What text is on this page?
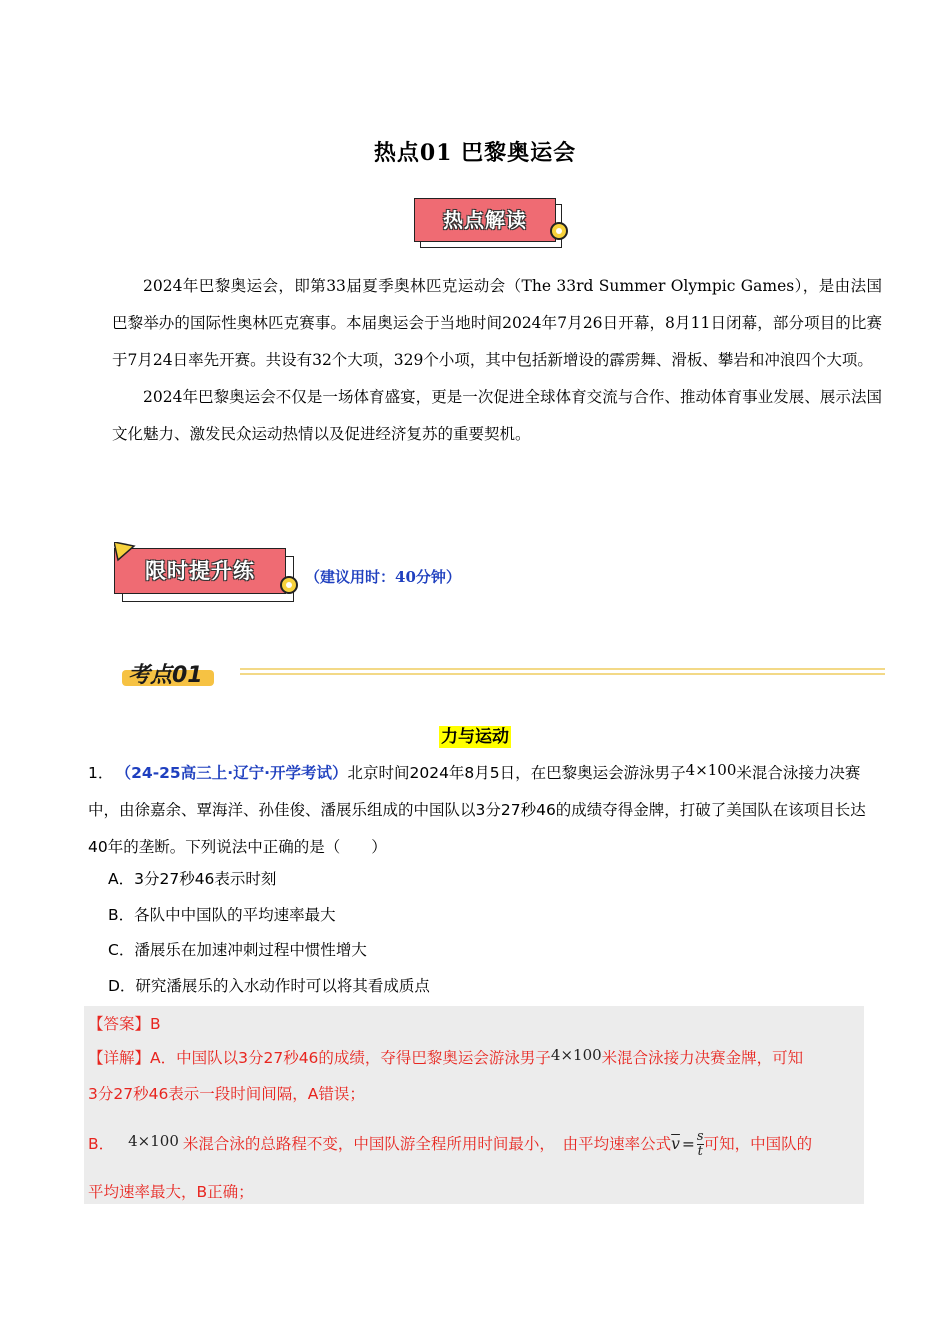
热点01 巴黎奥运会
热点解读

2024年巴黎奥运会，即第33届夏季奥林匹克运动会（The 33rd Summer Olympic Games），是由法国巴黎举办的国际性奥林匹克赛事。本届奥运会于当地时间2024年7月26日开幕，8月11日闭幕，部分项目的比赛于7月24日率先开赛。共设有32个大项，329个小项，其中包括新增设的霹雳舞、滑板、攀岩和冲浪四个大项。

2024年巴黎奥运会不仅是一场体育盛宴，更是一次促进全球体育交流与合作、推动体育事业发展、展示法国文化魅力、激发民众运动热情以及促进经济复苏的重要契机。

限时提升练	（建议用时：40分钟）
考点01
力与运动
1． （24-25高三上·辽宁·开学考试）北京时间2024年8月5日，在巴黎奥运会游泳男子4×100米混合泳接力决赛中，由徐嘉余、覃海洋、孙佳俊、潘展乐组成的中国队以3分27秒46的成绩夺得金牌，打破了美国队在该项目长达40年的垄断。下列说法中正确的是（　　）
A．3分27秒46表示时刻
B．各队中中国队的平均速率最大
C．潘展乐在加速冲刺过程中惯性增大
D．研究潘展乐的入水动作时可以将其看成质点
【答案】B
【详解】A．中国队以3分27秒46的成绩，夺得巴黎奥运会游泳男子4×100米混合泳接力决赛金牌，可知
3分27秒46表示一段时间间隔，A错误；
B． 4×100 米混合泳的总路程不变，中国队游全程所用时间最小，　由平均速率公式$\overline{v} = \frac{s}{t}$ 可知，中国队的
平均速率最大，B正确；
